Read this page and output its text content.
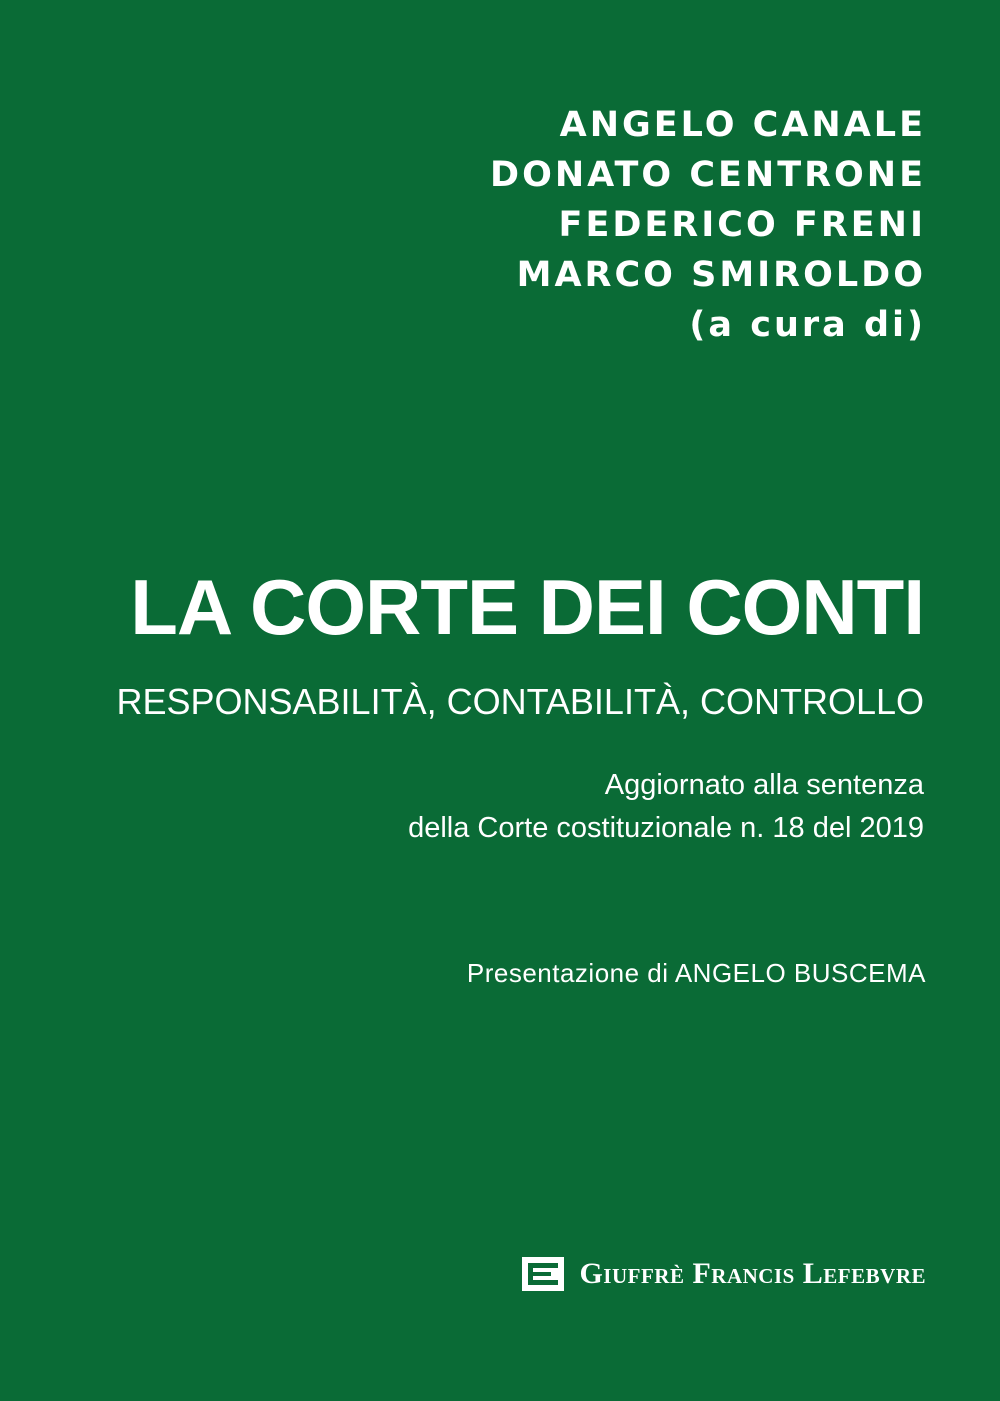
ANGELO CANALE
DONATO CENTRONE
FEDERICO FRENI
MARCO SMIROLDO
(a cura di)
LA CORTE DEI CONTI
RESPONSABILITÀ, CONTABILITÀ, CONTROLLO
Aggiornato alla sentenza
della Corte costituzionale n. 18 del 2019
Presentazione di ANGELO BUSCEMA
Giuffrè Francis Lefebvre
